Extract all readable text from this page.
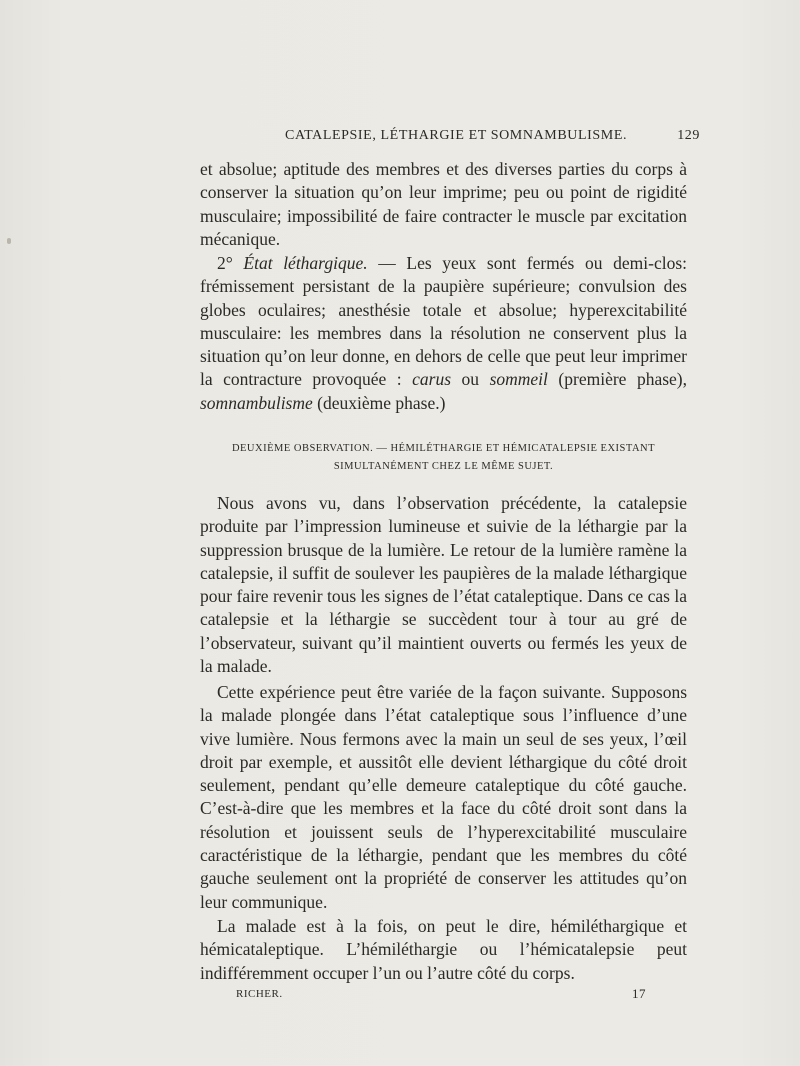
CATALEPSIE, LÉTHARGIE ET SOMNAMBULISME.	129

et absolue; aptitude des membres et des diverses parties du corps à conserver la situation qu’on leur imprime; peu ou point de rigidité musculaire; impossibilité de faire contracter le muscle par excitation mécanique.

2° État léthargique. — Les yeux sont fermés ou demi-clos: frémissement persistant de la paupière supérieure; convulsion des globes oculaires; anesthésie totale et absolue; hyperexcitabilité musculaire: les membres dans la résolution ne conservent plus la situation qu’on leur donne, en dehors de celle que peut leur imprimer la contracture provoquée : carus ou sommeil (première phase), somnambulisme (deuxième phase.)

DEUXIÈME OBSERVATION. — HÉMILÉTHARGIE ET HÉMICATALEPSIE EXISTANT
SIMULTANÉMENT CHEZ LE MÊME SUJET.

Nous avons vu, dans l’observation précédente, la catalepsie produite par l’impression lumineuse et suivie de la léthargie par la suppression brusque de la lumière. Le retour de la lumière ramène la catalepsie, il suffit de soulever les paupières de la malade léthargique pour faire revenir tous les signes de l’état cataleptique. Dans ce cas la catalepsie et la léthargie se succèdent tour à tour au gré de l’observateur, suivant qu’il maintient ouverts ou fermés les yeux de la malade.

Cette expérience peut être variée de la façon suivante. Supposons la malade plongée dans l’état cataleptique sous l’influence d’une vive lumière. Nous fermons avec la main un seul de ses yeux, l’œil droit par exemple, et aussitôt elle devient léthargique du côté droit seulement, pendant qu’elle demeure cataleptique du côté gauche. C’est-à-dire que les membres et la face du côté droit sont dans la résolution et jouissent seuls de l’hyperexcitabilité musculaire caractéristique de la léthargie, pendant que les membres du côté gauche seulement ont la propriété de conserver les attitudes qu’on leur communique.

La malade est à la fois, on peut le dire, hémiléthargique et hémicataleptique. L’hémiléthargie ou l’hémicatalepsie peut indifféremment occuper l’un ou l’autre côté du corps.

RICHER.	17
